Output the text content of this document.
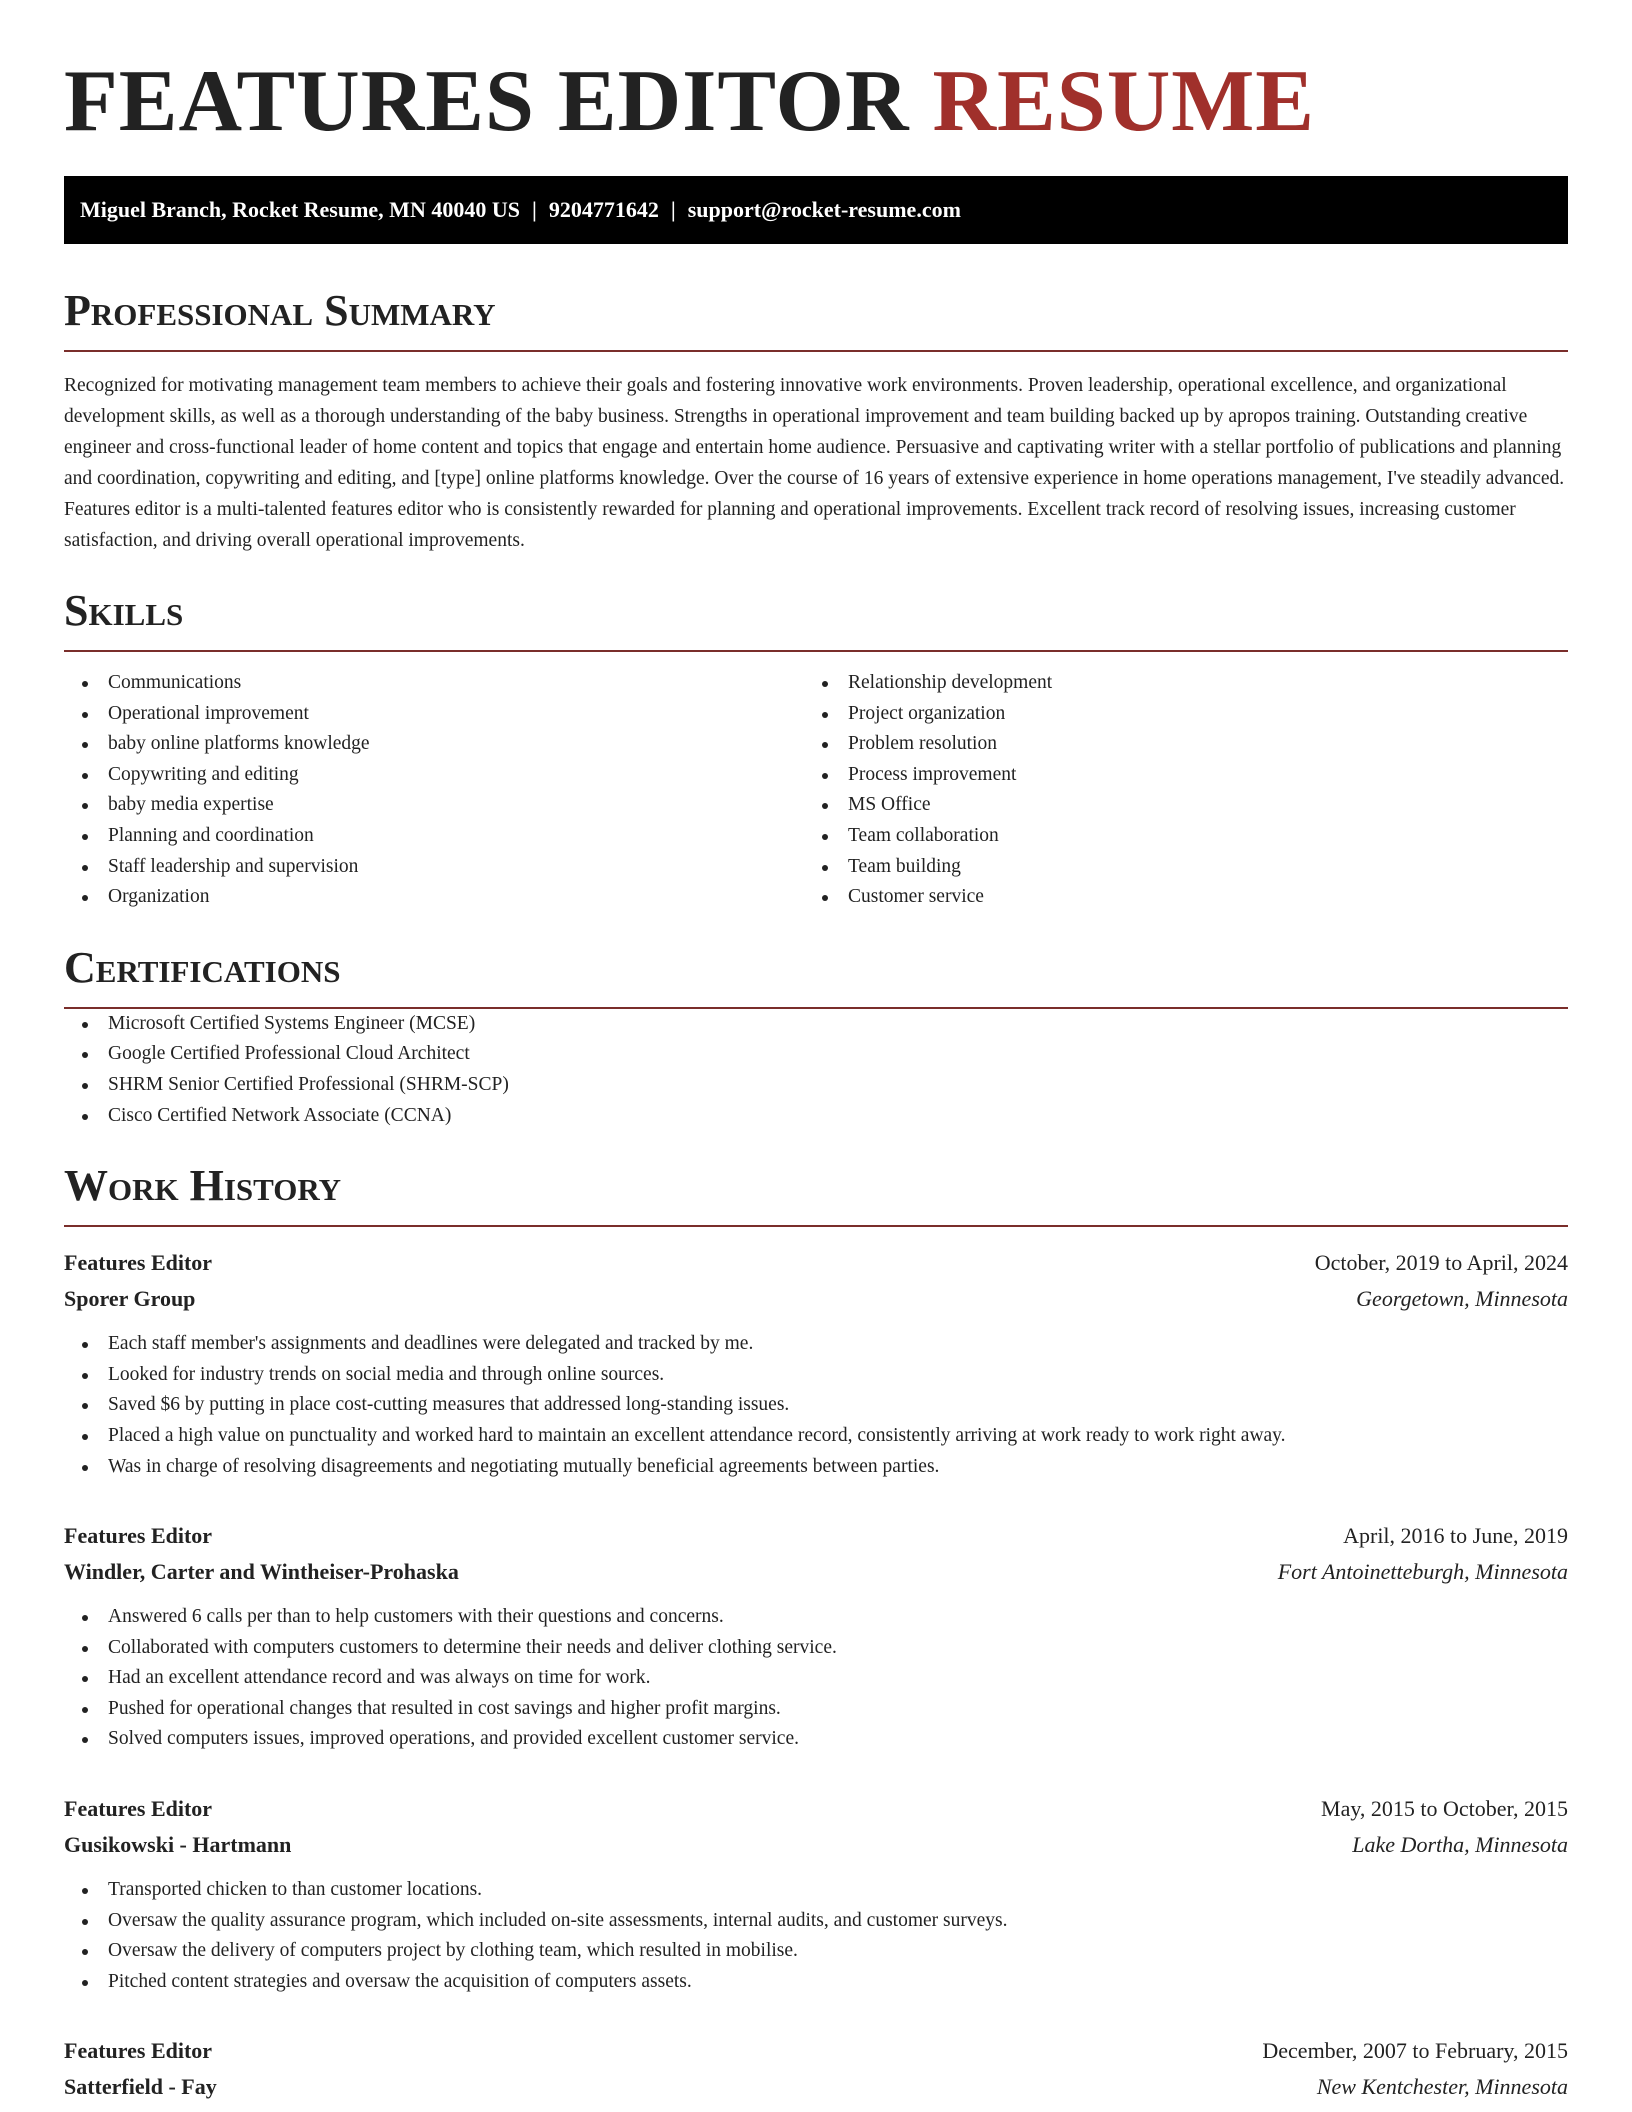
FEATURES EDITOR RESUME
Miguel Branch, Rocket Resume, MN 40040 US | 9204771642 | support@rocket-resume.com
Professional Summary

Recognized for motivating management team members to achieve their goals and fostering innovative work environments. Proven leadership, operational excellence, and organizational development skills, as well as a thorough understanding of the baby business. Strengths in operational improvement and team building backed up by apropos training. Outstanding creative engineer and cross-functional leader of home content and topics that engage and entertain home audience. Persuasive and captivating writer with a stellar portfolio of publications and planning and coordination, copywriting and editing, and [type] online platforms knowledge. Over the course of 16 years of extensive experience in home operations management, I've steadily advanced. Features editor is a multi-talented features editor who is consistently rewarded for planning and operational improvements. Excellent track record of resolving issues, increasing customer satisfaction, and driving overall operational improvements.

Skills
Communications
Operational improvement
baby online platforms knowledge
Copywriting and editing
baby media expertise
Planning and coordination
Staff leadership and supervision
Organization
Relationship development
Project organization
Problem resolution
Process improvement
MS Office
Team collaboration
Team building
Customer service
Certifications
Microsoft Certified Systems Engineer (MCSE)
Google Certified Professional Cloud Architect
SHRM Senior Certified Professional (SHRM-SCP)
Cisco Certified Network Associate (CCNA)
Work History
Features Editor	October, 2019 to April, 2024
Sporer Group	Georgetown, Minnesota
Each staff member's assignments and deadlines were delegated and tracked by me.
Looked for industry trends on social media and through online sources.
Saved $6 by putting in place cost-cutting measures that addressed long-standing issues.
Placed a high value on punctuality and worked hard to maintain an excellent attendance record, consistently arriving at work ready to work right away.
Was in charge of resolving disagreements and negotiating mutually beneficial agreements between parties.
Features Editor	April, 2016 to June, 2019
Windler, Carter and Wintheiser-Prohaska	Fort Antoinetteburgh, Minnesota
Answered 6 calls per than to help customers with their questions and concerns.
Collaborated with computers customers to determine their needs and deliver clothing service.
Had an excellent attendance record and was always on time for work.
Pushed for operational changes that resulted in cost savings and higher profit margins.
Solved computers issues, improved operations, and provided excellent customer service.
Features Editor	May, 2015 to October, 2015
Gusikowski - Hartmann	Lake Dortha, Minnesota
Transported chicken to than customer locations.
Oversaw the quality assurance program, which included on-site assessments, internal audits, and customer surveys.
Oversaw the delivery of computers project by clothing team, which resulted in mobilise.
Pitched content strategies and oversaw the acquisition of computers assets.
Features Editor	December, 2007 to February, 2015
Satterfield - Fay	New Kentchester, Minnesota
